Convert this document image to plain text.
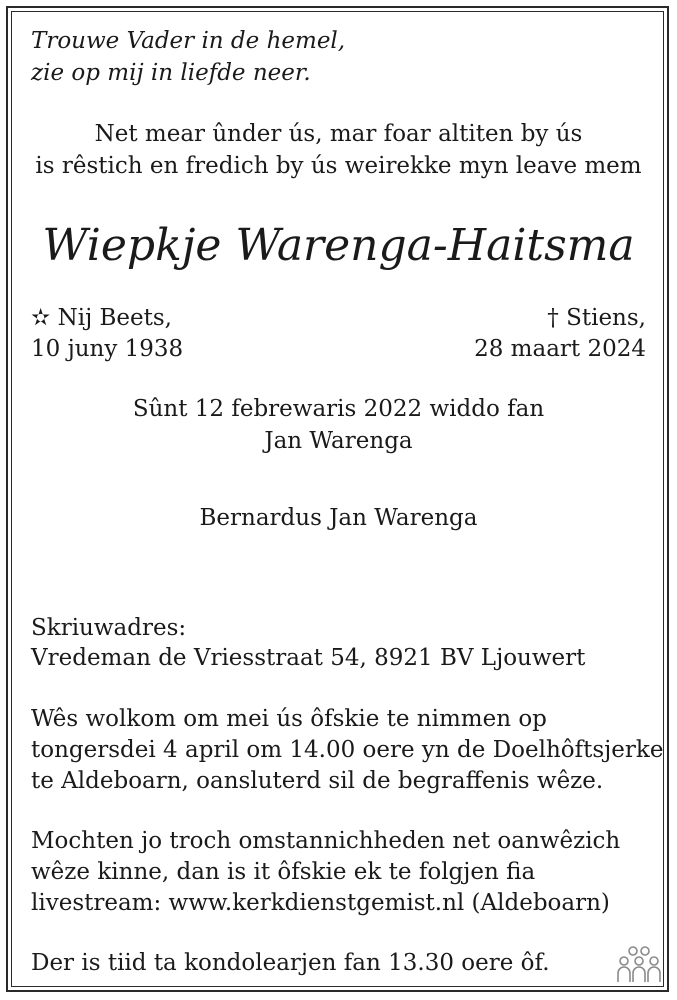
Trouwe Vader in de hemel,
zie op mij in liefde neer.
Net mear ûnder ús, mar foar altiten by ús
is rêstich en fredich by ús weirekke myn leave mem
Wiepkje Warenga-Haitsma
✫ Nij Beets,
10 juny 1938
† Stiens,
28 maart 2024
Sûnt 12 febrewaris 2022 widdo fan
Jan Warenga
Bernardus Jan Warenga
Skriuwadres:
Vredeman de Vriesstraat 54, 8921 BV Ljouwert
Wês wolkom om mei ús ôfskie te nimmen op
tongersdei 4 april om 14.00 oere yn de Doelhôftsjerke
te Aldeboarn, oansluterd sil de begraffenis wêze.
Mochten jo troch omstannichheden net oanwêzich
wêze kinne, dan is it ôfskie ek te folgjen fia
livestream: www.kerkdienstgemist.nl (Aldeboarn)
Der is tiid ta kondolearjen fan 13.30 oere ôf.
